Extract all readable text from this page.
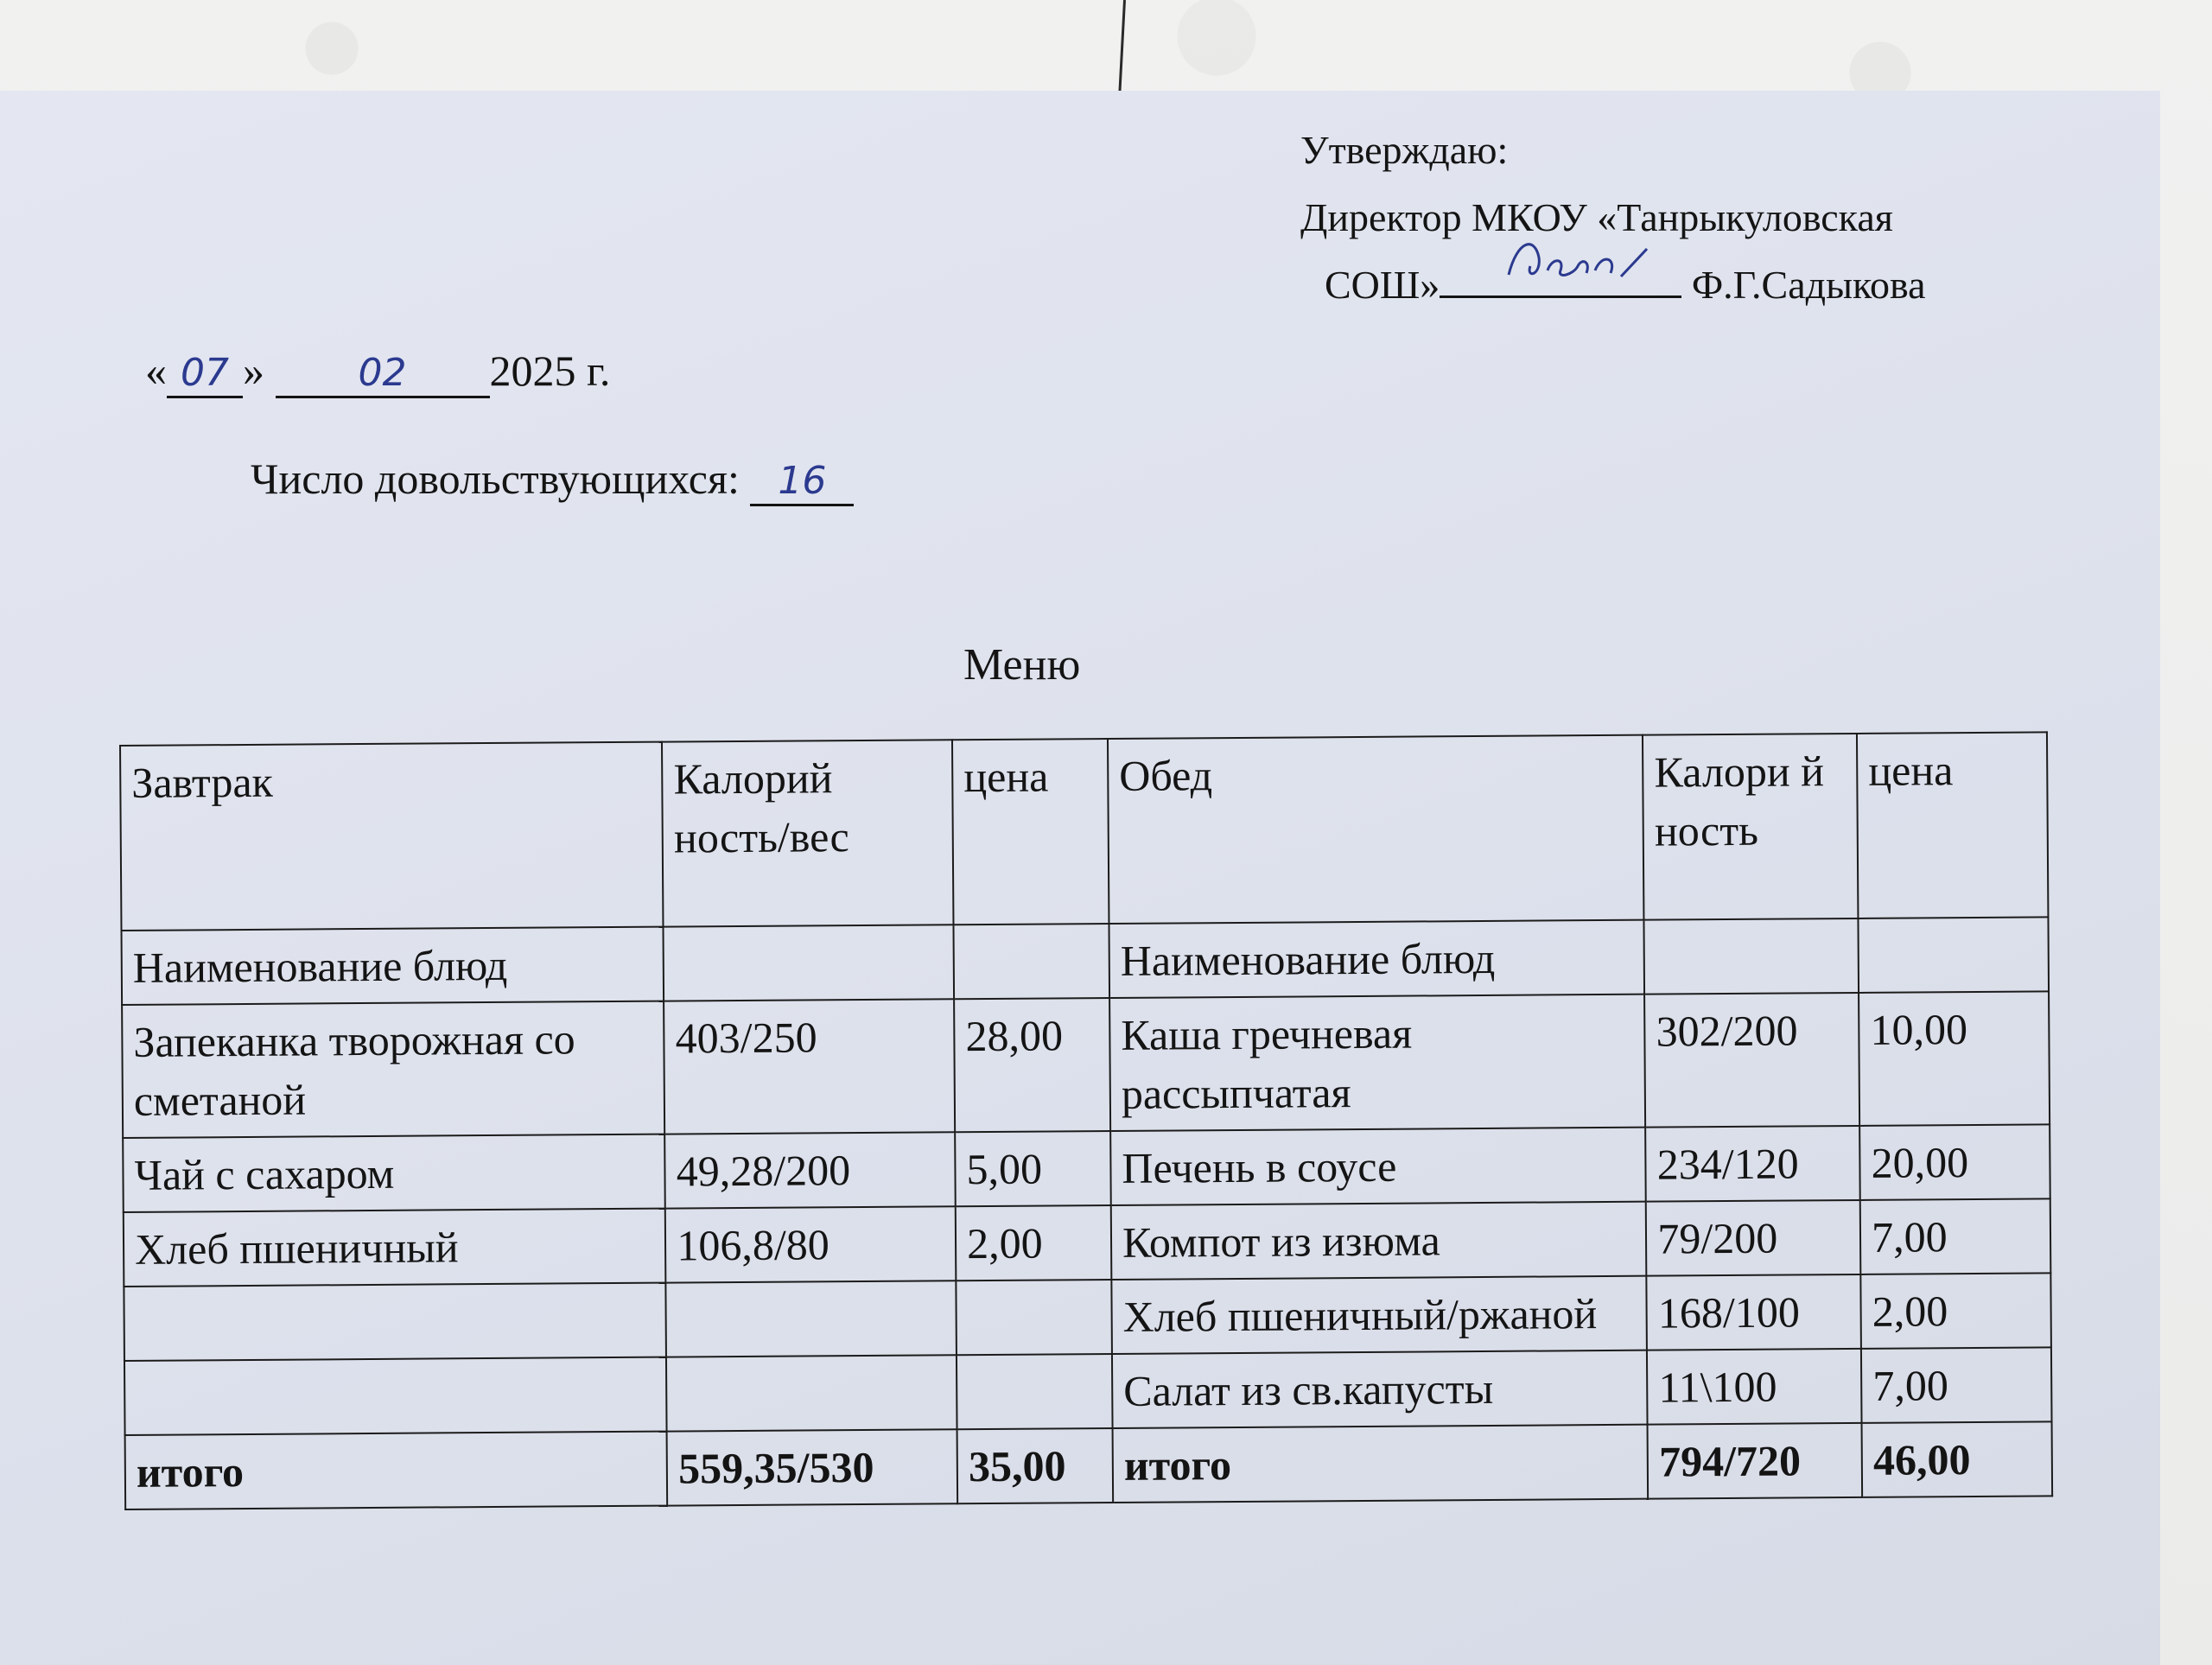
Утверждаю:
Директор МКОУ «Танрыкуловская
СОШ»	Ф.Г.Садыкова
« 07 » 02 2025 г.
Число довольствующихся: 16
Меню
Завтрак	Калорий ность/вес	цена	Обед	Калори й ность	цена
Наименование блюд			Наименование блюд		
Запеканка творожная со сметаной	403/250	28,00	Каша гречневая рассыпчатая	302/200	10,00
Чай с сахаром	49,28/200	5,00	Печень в соусе	234/120	20,00
Хлеб пшеничный	106,8/80	2,00	Компот из изюма	79/200	7,00
			Хлеб пшеничный/ржаной	168/100	2,00
			Салат из св.капусты	11\100	7,00
итого	559,35/530	35,00	итого	794/720	46,00
